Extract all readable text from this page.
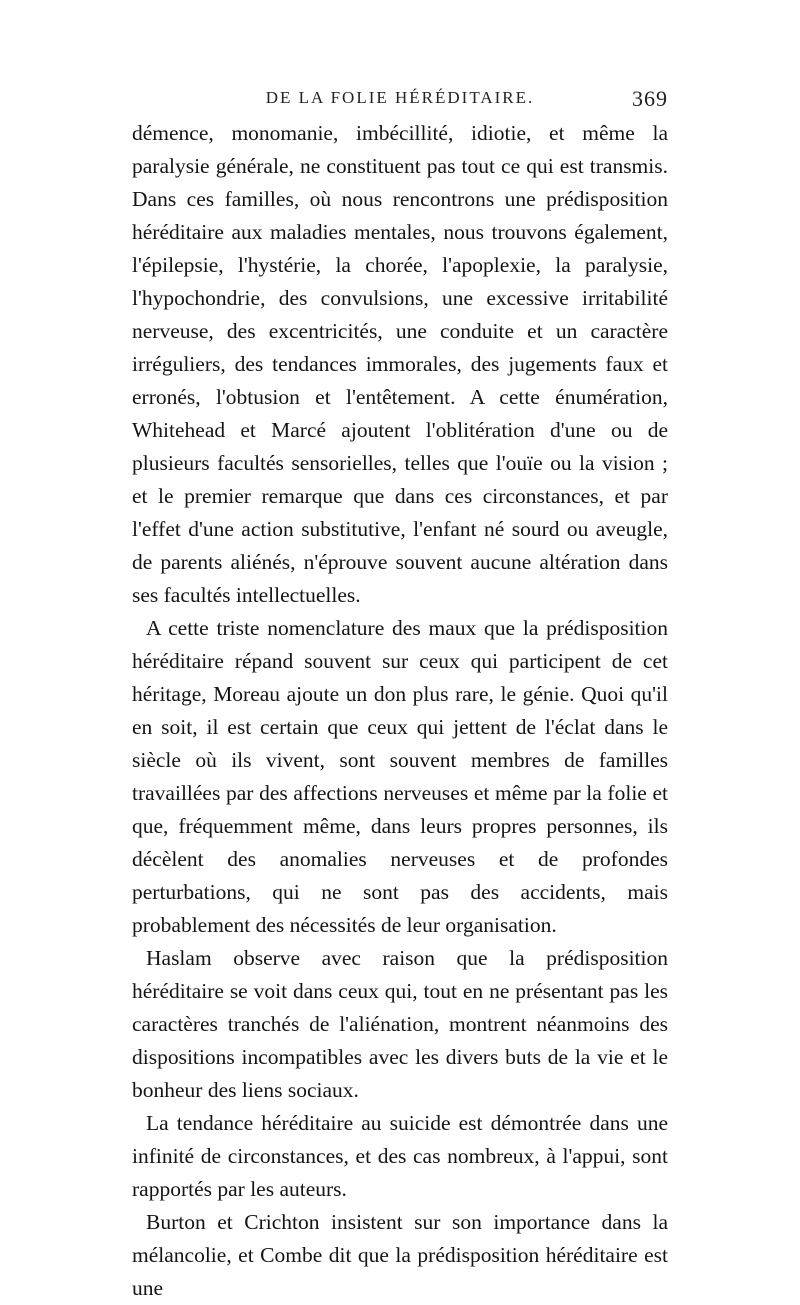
DE LA FOLIE HÉRÉDITAIRE.	369

démence, monomanie, imbécillité, idiotie, et même la paralysie générale, ne constituent pas tout ce qui est transmis. Dans ces familles, où nous rencontrons une prédisposition héréditaire aux maladies mentales, nous trouvons également, l'épilepsie, l'hystérie, la chorée, l'apoplexie, la paralysie, l'hypochondrie, des convulsions, une excessive irritabilité nerveuse, des excentricités, une conduite et un caractère irréguliers, des tendances immorales, des jugements faux et erronés, l'obtusion et l'entêtement. A cette énumération, Whitehead et Marcé ajoutent l'oblitération d'une ou de plusieurs facultés sensorielles, telles que l'ouïe ou la vision ; et le premier remarque que dans ces circonstances, et par l'effet d'une action substitutive, l'enfant né sourd ou aveugle, de parents aliénés, n'éprouve souvent aucune altération dans ses facultés intellectuelles.

A cette triste nomenclature des maux que la prédisposition héréditaire répand souvent sur ceux qui participent de cet héritage, Moreau ajoute un don plus rare, le génie. Quoi qu'il en soit, il est certain que ceux qui jettent de l'éclat dans le siècle où ils vivent, sont souvent membres de familles travaillées par des affections nerveuses et même par la folie et que, fréquemment même, dans leurs propres personnes, ils décèlent des anomalies nerveuses et de profondes perturbations, qui ne sont pas des accidents, mais probablement des nécessités de leur organisation.

Haslam observe avec raison que la prédisposition héréditaire se voit dans ceux qui, tout en ne présentant pas les caractères tranchés de l'aliénation, montrent néanmoins des dispositions incompatibles avec les divers buts de la vie et le bonheur des liens sociaux.

La tendance héréditaire au suicide est démontrée dans une infinité de circonstances, et des cas nombreux, à l'appui, sont rapportés par les auteurs.

Burton et Crichton insistent sur son importance dans la mélancolie, et Combe dit que la prédisposition héréditaire est une
